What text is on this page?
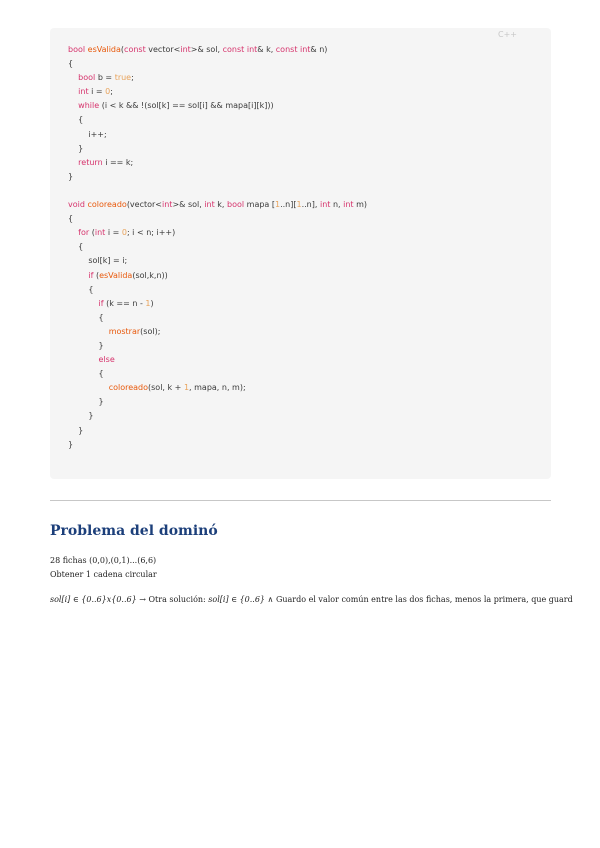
C++
bool esValida(const vector<int>& sol, const int& k, const int& n)
{
bool b = true;
int i = 0;
while (i < k && !(sol[k] == sol[i] && mapa[i][k]))
{
i++;
}
return i == k;
}
void coloreado(vector<int>& sol, int k, bool mapa [1..n][1..n], int n, int m)
{
for (int i = 0; i < n; i++)
{
sol[k] = i;
if (esValida(sol,k,n))
{
if (k == n - 1)
{
mostrar(sol);
}
else
{
coloreado(sol, k + 1, mapa, n, m);
}
}
}
}
Problema del dominó

28 fichas (0,0),(0,1)...(6,6)

Obtener 1 cadena circular

sol[i] ∈ {0..6}x{0..6} → Otra solución: sol[i] ∈ {0..6} ∧ Guardo el valor común entre las dos fichas, menos la primera, que guard
